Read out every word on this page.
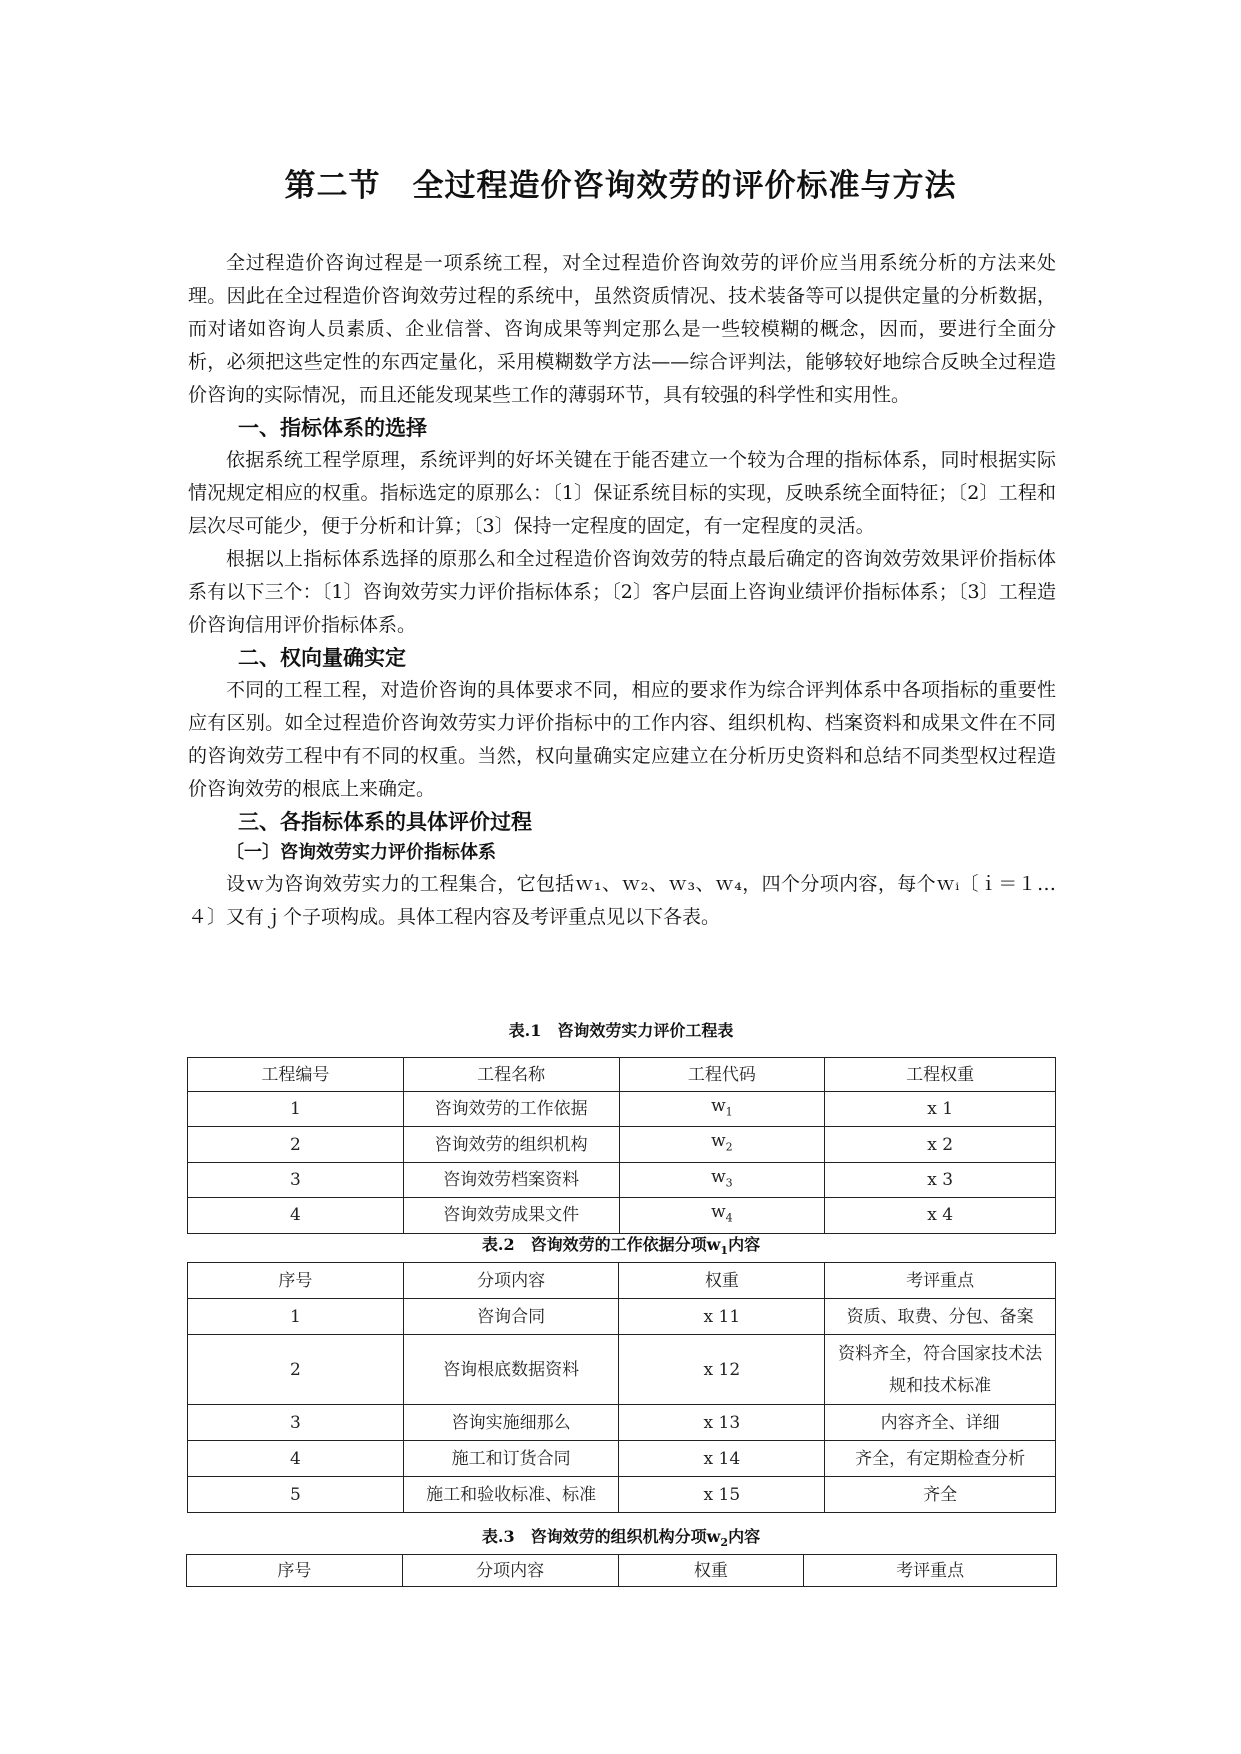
第二节　全过程造价咨询效劳的评价标准与方法

全过程造价咨询过程是一项系统工程，对全过程造价咨询效劳的评价应当用系统分析的方法来处理。因此在全过程造价咨询效劳过程的系统中，虽然资质情况、技术装备等可以提供定量的分析数据，而对诸如咨询人员素质、企业信誉、咨询成果等判定那么是一些较模糊的概念，因而，要进行全面分析，必须把这些定性的东西定量化，采用模糊数学方法——综合评判法，能够较好地综合反映全过程造价咨询的实际情况，而且还能发现某些工作的薄弱环节，具有较强的科学性和实用性。

一、指标体系的选择

依据系统工程学原理，系统评判的好坏关键在于能否建立一个较为合理的指标体系，同时根据实际情况规定相应的权重。指标选定的原那么：〔1〕保证系统目标的实现，反映系统全面特征；〔2〕工程和层次尽可能少，便于分析和计算；〔3〕保持一定程度的固定，有一定程度的灵活。

根据以上指标体系选择的原那么和全过程造价咨询效劳的特点最后确定的咨询效劳效果评价指标体系有以下三个：〔1〕咨询效劳实力评价指标体系；〔2〕客户层面上咨询业绩评价指标体系；〔3〕工程造价咨询信用评价指标体系。

二、权向量确实定

不同的工程工程，对造价咨询的具体要求不同，相应的要求作为综合评判体系中各项指标的重要性应有区别。如全过程造价咨询效劳实力评价指标中的工作内容、组织机构、档案资料和成果文件在不同的咨询效劳工程中有不同的权重。当然，权向量确实定应建立在分析历史资料和总结不同类型权过程造价咨询效劳的根底上来确定。

三、各指标体系的具体评价过程
〔一〕咨询效劳实力评价指标体系

设ｗ为咨询效劳实力的工程集合，它包括ｗ₁、ｗ₂、ｗ₃、ｗ₄，四个分项内容，每个ｗᵢ〔ｉ＝１…４〕又有ｊ个子项构成。具体工程内容及考评重点见以下各表。

表.1　咨询效劳实力评价工程表
工程编号	工程名称	工程代码	工程权重
1	咨询效劳的工作依据	$w_1$	x 1
2	咨询效劳的组织机构	$w_2$	x 2
3	咨询效劳档案资料	$w_3$	x 3
4	咨询效劳成果文件	$w_4$	x 4
表.2　咨询效劳的工作依据分项$w_1$内容
序号	分项内容	权重	考评重点
1	咨询合同	x 11	资质、取费、分包、备案
2	咨询根底数据资料	x 12	资料齐全，符合国家技术法规和技术标准
3	咨询实施细那么	x 13	内容齐全、详细
4	施工和订货合同	x 14	齐全，有定期检查分析
5	施工和验收标准、标准	x 15	齐全
表.3　咨询效劳的组织机构分项$w_2$内容
序号	分项内容	权重	考评重点
